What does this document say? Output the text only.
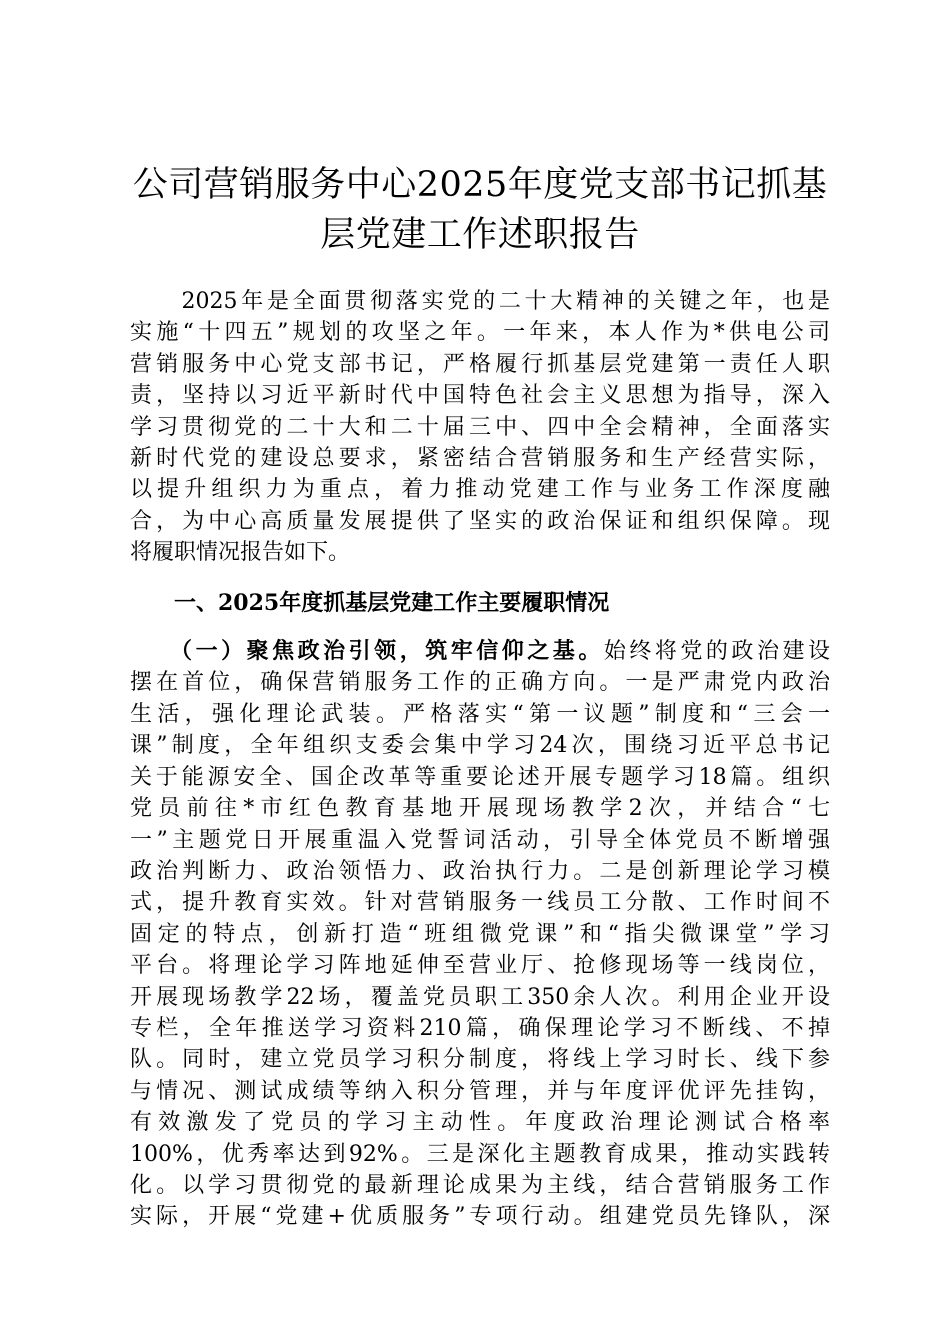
公司营销服务中心2025年度党支部书记抓基
层党建工作述职报告

　　2025年是全面贯彻落实党的二十大精神的关键之年，也是
实施“十四五”规划的攻坚之年。一年来，本人作为*供电公司
营销服务中心党支部书记，严格履行抓基层党建第一责任人职
责，坚持以习近平新时代中国特色社会主义思想为指导，深入
学习贯彻党的二十大和二十届三中、四中全会精神，全面落实
新时代党的建设总要求，紧密结合营销服务和生产经营实际，
以提升组织力为重点，着力推动党建工作与业务工作深度融
合，为中心高质量发展提供了坚实的政治保证和组织保障。现
将履职情况报告如下。

一、2025年度抓基层党建工作主要履职情况

　　（一）聚焦政治引领，筑牢信仰之基。始终将党的政治建设
摆在首位，确保营销服务工作的正确方向。一是严肃党内政治
生活，强化理论武装。严格落实“第一议题”制度和“三会一
课”制度，全年组织支委会集中学习24次，围绕习近平总书记
关于能源安全、国企改革等重要论述开展专题学习18篇。组织
党员前往*市红色教育基地开展现场教学2次，并结合“七
一”主题党日开展重温入党誓词活动，引导全体党员不断增强
政治判断力、政治领悟力、政治执行力。二是创新理论学习模
式，提升教育实效。针对营销服务一线员工分散、工作时间不
固定的特点，创新打造“班组微党课”和“指尖微课堂”学习
平台。将理论学习阵地延伸至营业厅、抢修现场等一线岗位，
开展现场教学22场，覆盖党员职工350余人次。利用企业开设
专栏，全年推送学习资料210篇，确保理论学习不断线、不掉
队。同时，建立党员学习积分制度，将线上学习时长、线下参
与情况、测试成绩等纳入积分管理，并与年度评优评先挂钩，
有效激发了党员的学习主动性。年度政治理论测试合格率
100%，优秀率达到92%。三是深化主题教育成果，推动实践转
化。以学习贯彻党的最新理论成果为主线，结合营销服务工作
实际，开展“党建+优质服务”专项行动。组建党员先锋队，深
